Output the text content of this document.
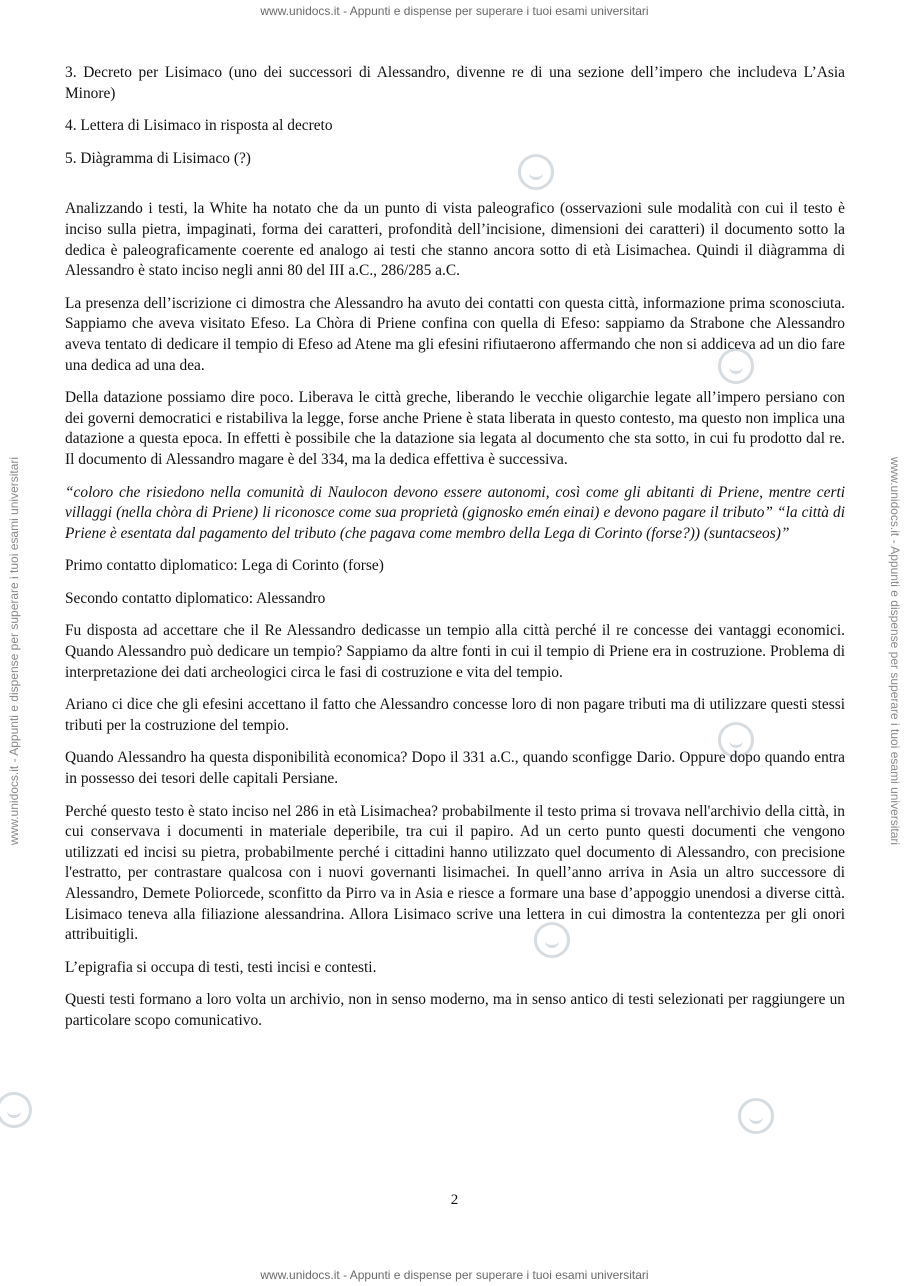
www.unidocs.it - Appunti e dispense per superare i tuoi esami universitari
www.unidocs.it - Appunti e dispense per superare i tuoi esami universitari	www.unidocs.it - Appunti e dispense per superare i tuoi esami universitari

3. Decreto per Lisimaco (uno dei successori di Alessandro, divenne re di una sezione dell’impero che includeva L’Asia Minore)

4. Lettera di Lisimaco in risposta al decreto

5. Diàgramma di Lisimaco (?)

Analizzando i testi, la White ha notato che da un punto di vista paleografico (osservazioni sule modalità con cui il testo è inciso sulla pietra, impaginati, forma dei caratteri, profondità dell’incisione, dimensioni dei caratteri) il documento sotto la dedica è paleograficamente coerente ed analogo ai testi che stanno ancora sotto di età Lisimachea. Quindi il diàgramma di Alessandro è stato inciso negli anni 80 del III a.C., 286/285 a.C.

La presenza dell’iscrizione ci dimostra che Alessandro ha avuto dei contatti con questa città, informazione prima sconosciuta. Sappiamo che aveva visitato Efeso. La Chòra di Priene confina con quella di Efeso: sappiamo da Strabone che Alessandro aveva tentato di dedicare il tempio di Efeso ad Atene ma gli efesini rifiutaerono affermando che non si addiceva ad un dio fare una dedica ad una dea.

Della datazione possiamo dire poco. Liberava le città greche, liberando le vecchie oligarchie legate all’impero persiano con dei governi democratici e ristabiliva la legge, forse anche Priene è stata liberata in questo contesto, ma questo non implica una datazione a questa epoca. In effetti è possibile che la datazione sia legata al documento che sta sotto, in cui fu prodotto dal re. Il documento di Alessandro magare è del 334, ma la dedica effettiva è successiva.

“coloro che risiedono nella comunità di Naulocon devono essere autonomi, così come gli abitanti di Priene, mentre certi villaggi (nella chòra di Priene) li riconosce come sua proprietà (gignosko emén einai) e devono pagare il tributo” “la città di Priene è esentata dal pagamento del tributo (che pagava come membro della Lega di Corinto (forse?)) (suntacseos)”

Primo contatto diplomatico: Lega di Corinto (forse)

Secondo contatto diplomatico: Alessandro

Fu disposta ad accettare che il Re Alessandro dedicasse un tempio alla città perché il re concesse dei vantaggi economici. Quando Alessandro può dedicare un tempio? Sappiamo da altre fonti in cui il tempio di Priene era in costruzione. Problema di interpretazione dei dati archeologici circa le fasi di costruzione e vita del tempio.

Ariano ci dice che gli efesini accettano il fatto che Alessandro concesse loro di non pagare tributi ma di utilizzare questi stessi tributi per la costruzione del tempio.

Quando Alessandro ha questa disponibilità economica? Dopo il 331 a.C., quando sconfigge Dario. Oppure dopo quando entra in possesso dei tesori delle capitali Persiane.

Perché questo testo è stato inciso nel 286 in età Lisimachea? probabilmente il testo prima si trovava nell'archivio della città, in cui conservava i documenti in materiale deperibile, tra cui il papiro. Ad un certo punto questi documenti che vengono utilizzati ed incisi su pietra, probabilmente perché i cittadini hanno utilizzato quel documento di Alessandro, con precisione l'estratto, per contrastare qualcosa con i nuovi governanti lisimachei. In quell’anno arriva in Asia un altro successore di Alessandro, Demete Poliorcede, sconfitto da Pirro va in Asia e riesce a formare una base d’appoggio unendosi a diverse città. Lisimaco teneva alla filiazione alessandrina. Allora Lisimaco scrive una lettera in cui dimostra la contentezza per gli onori attribuitigli.

L’epigrafia si occupa di testi, testi incisi e contesti.

Questi testi formano a loro volta un archivio, non in senso moderno, ma in senso antico di testi selezionati per raggiungere un particolare scopo comunicativo.

2
www.unidocs.it - Appunti e dispense per superare i tuoi esami universitari
